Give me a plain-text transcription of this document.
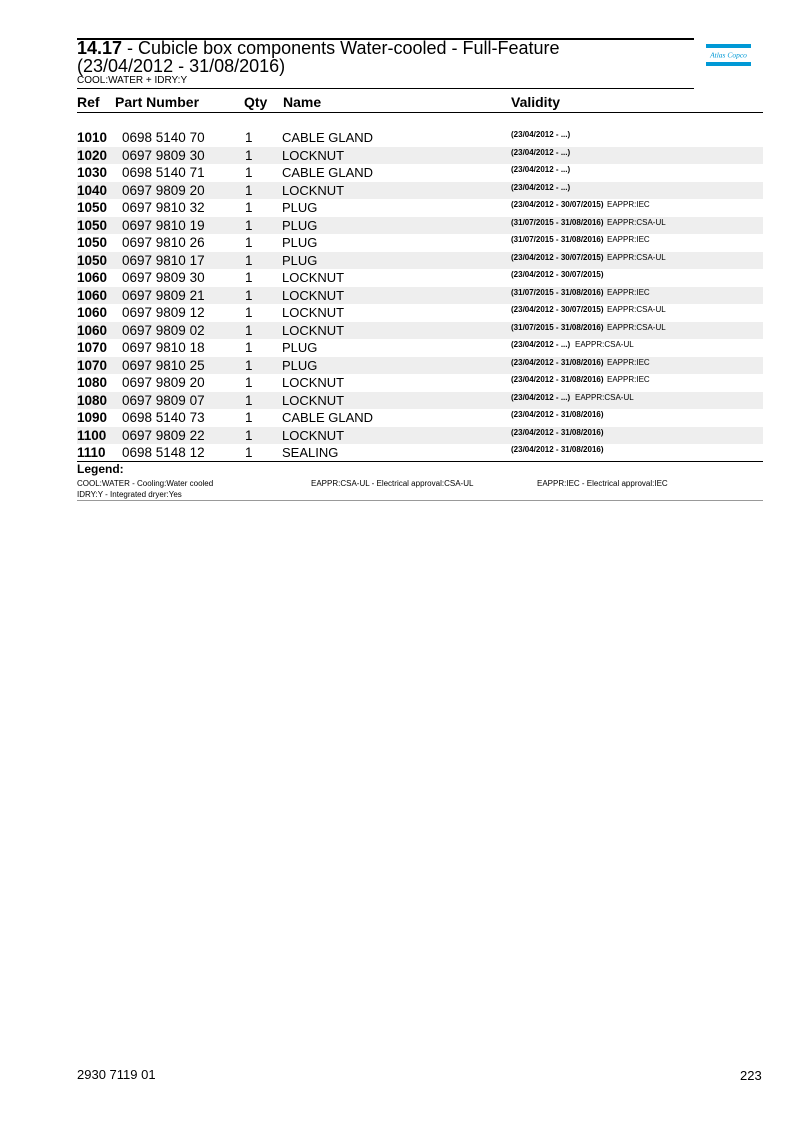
14.17 - Cubicle box components Water-cooled - Full-Feature (23/04/2012 - 31/08/2016)
COOL:WATER + IDRY:Y
Atlas Copco
Ref Part Number	Qty Name	Validity
1010 0698 5140 70	1 CABLE GLAND	(23/04/2012 - ...)
1020 0697 9809 30	1 LOCKNUT	(23/04/2012 - ...)
1030 0698 5140 71	1 CABLE GLAND	(23/04/2012 - ...)
1040 0697 9809 20	1 LOCKNUT	(23/04/2012 - ...)
1050 0697 9810 32	1 PLUG	(23/04/2012 - 30/07/2015) EAPPR:IEC
1050 0697 9810 19	1 PLUG	(31/07/2015 - 31/08/2016) EAPPR:CSA-UL
1050 0697 9810 26	1 PLUG	(31/07/2015 - 31/08/2016) EAPPR:IEC
1050 0697 9810 17	1 PLUG	(23/04/2012 - 30/07/2015) EAPPR:CSA-UL
1060 0697 9809 30	1 LOCKNUT	(23/04/2012 - 30/07/2015)
1060 0697 9809 21	1 LOCKNUT	(31/07/2015 - 31/08/2016) EAPPR:IEC
1060 0697 9809 12	1 LOCKNUT	(23/04/2012 - 30/07/2015) EAPPR:CSA-UL
1060 0697 9809 02	1 LOCKNUT	(31/07/2015 - 31/08/2016) EAPPR:CSA-UL
1070 0697 9810 18	1 PLUG	(23/04/2012 - ...) EAPPR:CSA-UL
1070 0697 9810 25	1 PLUG	(23/04/2012 - 31/08/2016) EAPPR:IEC
1080 0697 9809 20	1 LOCKNUT	(23/04/2012 - 31/08/2016) EAPPR:IEC
1080 0697 9809 07	1 LOCKNUT	(23/04/2012 - ...) EAPPR:CSA-UL
1090 0698 5140 73	1 CABLE GLAND	(23/04/2012 - 31/08/2016)
1100 0697 9809 22	1 LOCKNUT	(23/04/2012 - 31/08/2016)
1110 0698 5148 12	1 SEALING	(23/04/2012 - 31/08/2016)
Legend:
COOL:WATER - Cooling:Water cooled	EAPPR:CSA-UL - Electrical approval:CSA-UL	EAPPR:IEC - Electrical approval:IEC
IDRY:Y - Integrated dryer:Yes
2930 7119 01	223
